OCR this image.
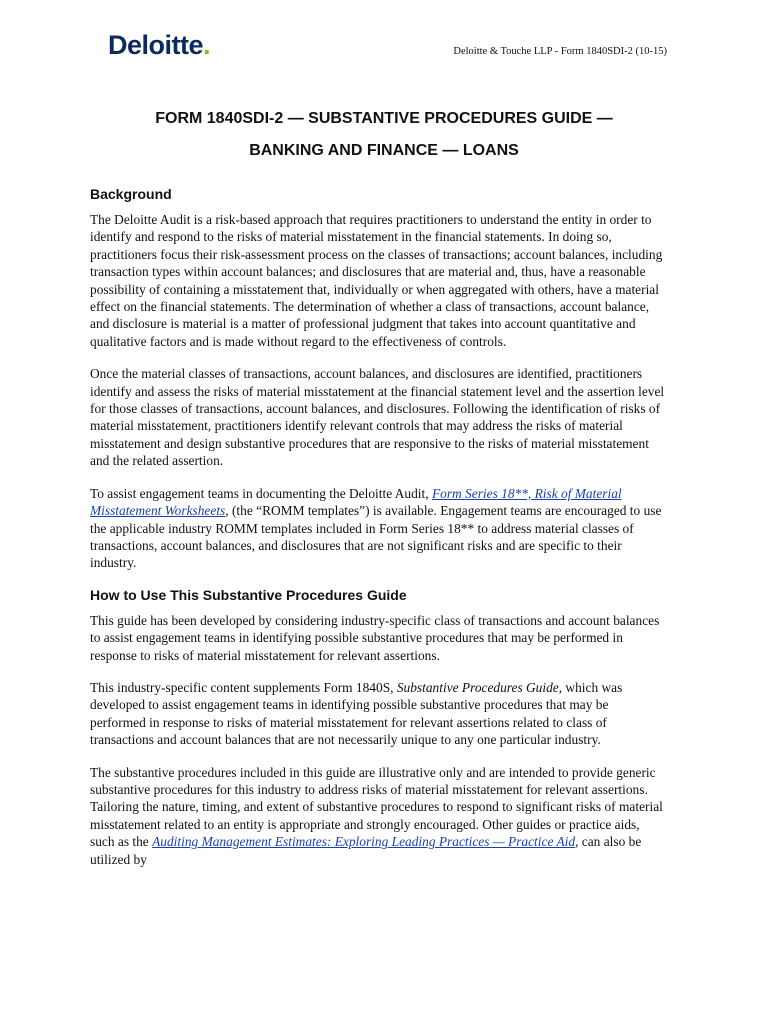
Deloitte.	Deloitte & Touche LLP - Form 1840SDI-2 (10-15)
FORM 1840SDI-2 — SUBSTANTIVE PROCEDURES GUIDE —
BANKING AND FINANCE — LOANS
Background

The Deloitte Audit is a risk-based approach that requires practitioners to understand the entity in order to identify and respond to the risks of material misstatement in the financial statements. In doing so, practitioners focus their risk-assessment process on the classes of transactions; account balances, including transaction types within account balances; and disclosures that are material and, thus, have a reasonable possibility of containing a misstatement that, individually or when aggregated with others, have a material effect on the financial statements. The determination of whether a class of transactions, account balance, and disclosure is material is a matter of professional judgment that takes into account quantitative and qualitative factors and is made without regard to the effectiveness of controls.

Once the material classes of transactions, account balances, and disclosures are identified, practitioners identify and assess the risks of material misstatement at the financial statement level and the assertion level for those classes of transactions, account balances, and disclosures. Following the identification of risks of material misstatement, practitioners identify relevant controls that may address the risks of material misstatement and design substantive procedures that are responsive to the risks of material misstatement and the related assertion.

To assist engagement teams in documenting the Deloitte Audit, Form Series 18**, Risk of Material Misstatement Worksheets, (the “ROMM templates”) is available. Engagement teams are encouraged to use the applicable industry ROMM templates included in Form Series 18** to address material classes of transactions, account balances, and disclosures that are not significant risks and are specific to their industry.

How to Use This Substantive Procedures Guide

This guide has been developed by considering industry-specific class of transactions and account balances to assist engagement teams in identifying possible substantive procedures that may be performed in response to risks of material misstatement for relevant assertions.

This industry-specific content supplements Form 1840S, Substantive Procedures Guide, which was developed to assist engagement teams in identifying possible substantive procedures that may be performed in response to risks of material misstatement for relevant assertions related to class of transactions and account balances that are not necessarily unique to any one particular industry.

The substantive procedures included in this guide are illustrative only and are intended to provide generic substantive procedures for this industry to address risks of material misstatement for relevant assertions. Tailoring the nature, timing, and extent of substantive procedures to respond to significant risks of material misstatement related to an entity is appropriate and strongly encouraged. Other guides or practice aids, such as the Auditing Management Estimates: Exploring Leading Practices — Practice Aid, can also be utilized by
